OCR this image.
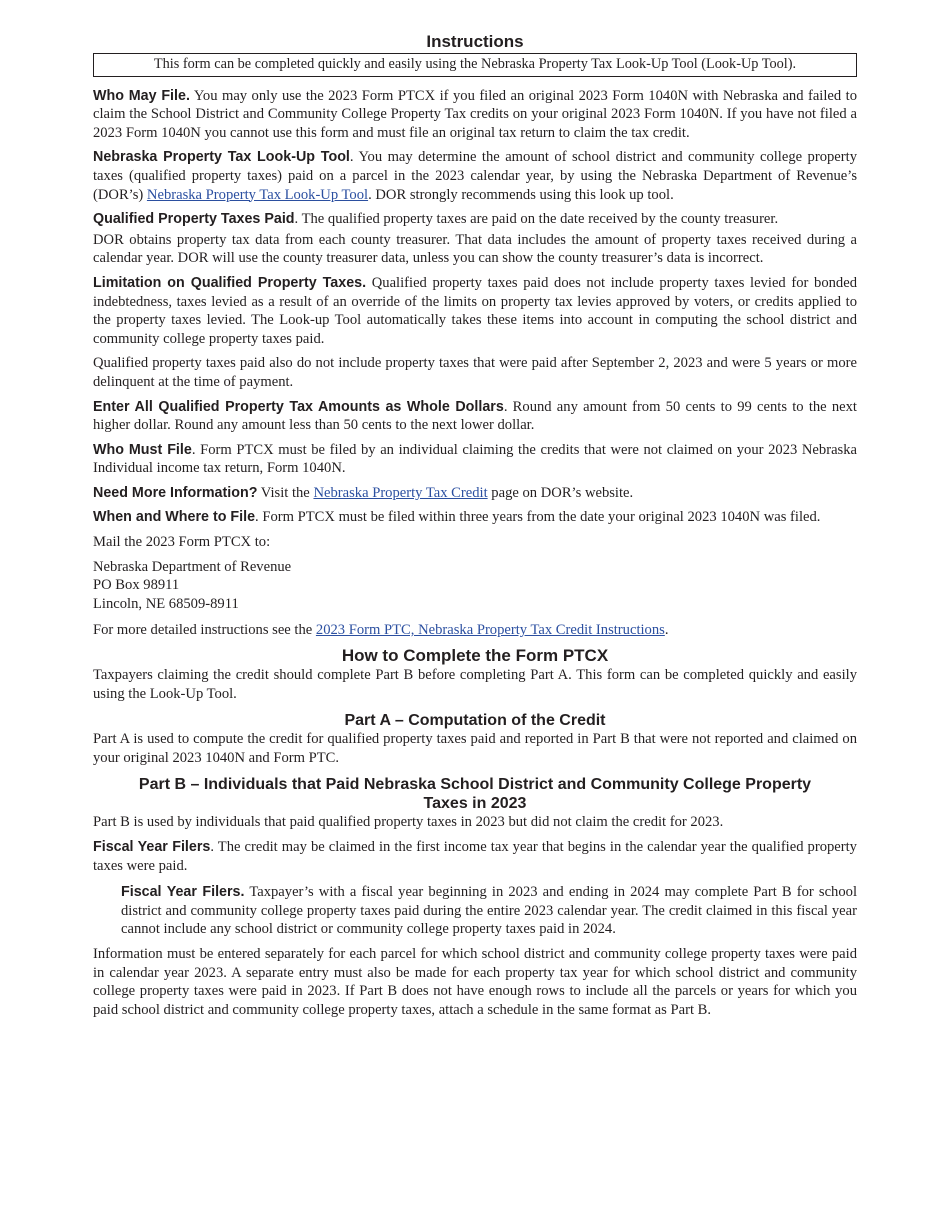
Instructions
This form can be completed quickly and easily using the Nebraska Property Tax Look-Up Tool (Look-Up Tool).

Who May File. You may only use the 2023 Form PTCX if you filed an original 2023 Form 1040N with Nebraska and failed to claim the School District and Community College Property Tax credits on your original 2023 Form 1040N. If you have not filed a 2023 Form 1040N you cannot use this form and must file an original tax return to claim the tax credit.

Nebraska Property Tax Look-Up Tool. You may determine the amount of school district and community college property taxes (qualified property taxes) paid on a parcel in the 2023 calendar year, by using the Nebraska Department of Revenue’s (DOR’s) Nebraska Property Tax Look-Up Tool. DOR strongly recommends using this look up tool.

Qualified Property Taxes Paid. The qualified property taxes are paid on the date received by the county treasurer.

DOR obtains property tax data from each county treasurer. That data includes the amount of property taxes received during a calendar year. DOR will use the county treasurer data, unless you can show the county treasurer’s data is incorrect.

Limitation on Qualified Property Taxes. Qualified property taxes paid does not include property taxes levied for bonded indebtedness, taxes levied as a result of an override of the limits on property tax levies approved by voters, or credits applied to the property taxes levied. The Look-up Tool automatically takes these items into account in computing the school district and community college property taxes paid.

Qualified property taxes paid also do not include property taxes that were paid after September 2, 2023 and were 5 years or more delinquent at the time of payment.

Enter All Qualified Property Tax Amounts as Whole Dollars. Round any amount from 50 cents to 99 cents to the next higher dollar. Round any amount less than 50 cents to the next lower dollar.

Who Must File. Form PTCX must be filed by an individual claiming the credits that were not claimed on your 2023 Nebraska Individual income tax return, Form 1040N.

Need More Information? Visit the Nebraska Property Tax Credit page on DOR’s website.

When and Where to File. Form PTCX must be filed within three years from the date your original 2023 1040N was filed.

Mail the 2023 Form PTCX to:

Nebraska Department of Revenue
PO Box 98911
Lincoln, NE 68509-8911

For more detailed instructions see the 2023 Form PTC, Nebraska Property Tax Credit Instructions.

How to Complete the Form PTCX

Taxpayers claiming the credit should complete Part B before completing Part A. This form can be completed quickly and easily using the Look-Up Tool.

Part A – Computation of the Credit

Part A is used to compute the credit for qualified property taxes paid and reported in Part B that were not reported and claimed on your original 2023 1040N and Form PTC.

Part B – Individuals that Paid Nebraska School District and Community College Property
Taxes in 2023

Part B is used by individuals that paid qualified property taxes in 2023 but did not claim the credit for 2023.

Fiscal Year Filers. The credit may be claimed in the first income tax year that begins in the calendar year the qualified property taxes were paid.

Fiscal Year Filers. Taxpayer’s with a fiscal year beginning in 2023 and ending in 2024 may complete Part B for school district and community college property taxes paid during the entire 2023 calendar year. The credit claimed in this fiscal year cannot include any school district or community college property taxes paid in 2024.

Information must be entered separately for each parcel for which school district and community college property taxes were paid in calendar year 2023. A separate entry must also be made for each property tax year for which school district and community college property taxes were paid in 2023. If Part B does not have enough rows to include all the parcels or years for which you paid school district and community college property taxes, attach a schedule in the same format as Part B.
